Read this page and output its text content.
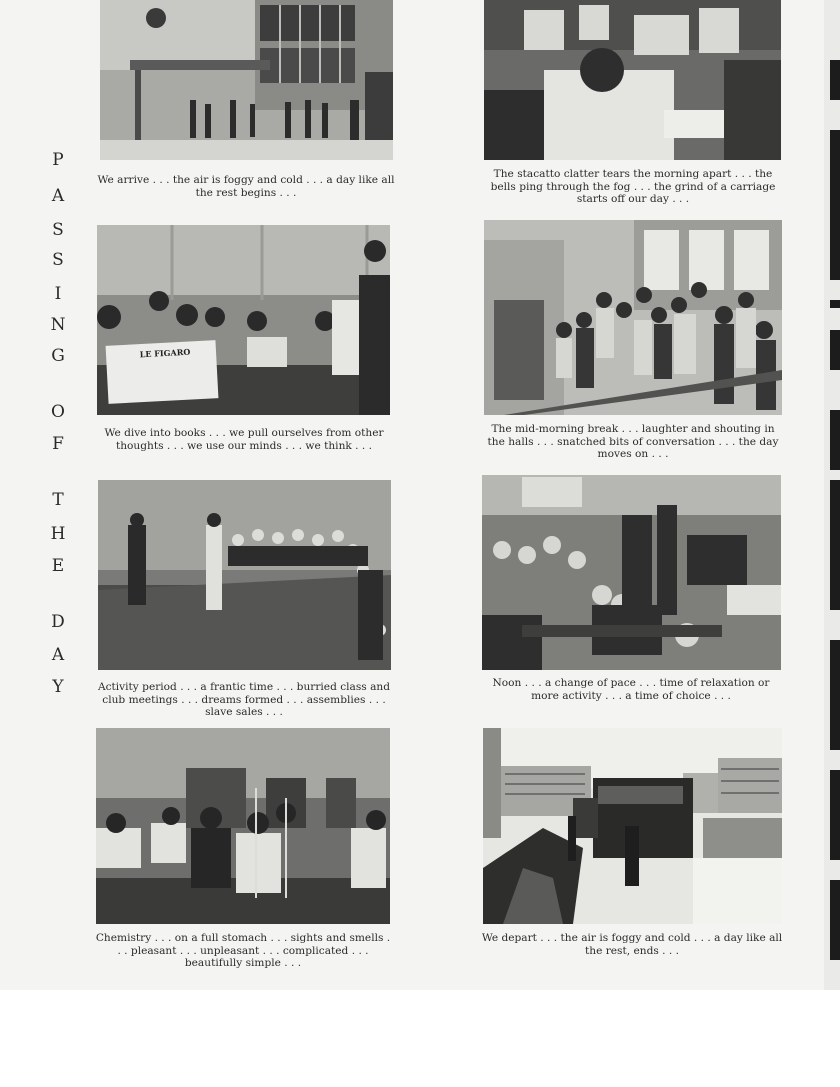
P
A
S
S
I
N
G
O
F
T
H
E
D
A
Y
We arrive . . . the air is foggy and cold . . . a day like all the rest begins . . .
The stacatto clatter tears the morning apart . . . the bells ping through the fog . . . the grind of a carriage starts off our day . . .
LE FIGARO
We dive into books . . . we pull ourselves from other thoughts . . . we use our minds . . . we think . . .
The mid-morning break . . . laughter and shouting in the halls . . . snatched bits of conversation . . . the day moves on . . .
Activity period . . . a frantic time . . . burried class and club meetings . . . dreams formed . . . assemblies . . . slave sales . . .
Noon . . . a change of pace . . . time of relaxation or more activity . . . a time of choice . . .
Chemistry . . . on a full stomach . . . sights and smells . . . pleasant . . . unpleasant . . . complicated . . . beautifully simple . . .
We depart . . . the air is foggy and cold . . . a day like all the rest, ends . . .
